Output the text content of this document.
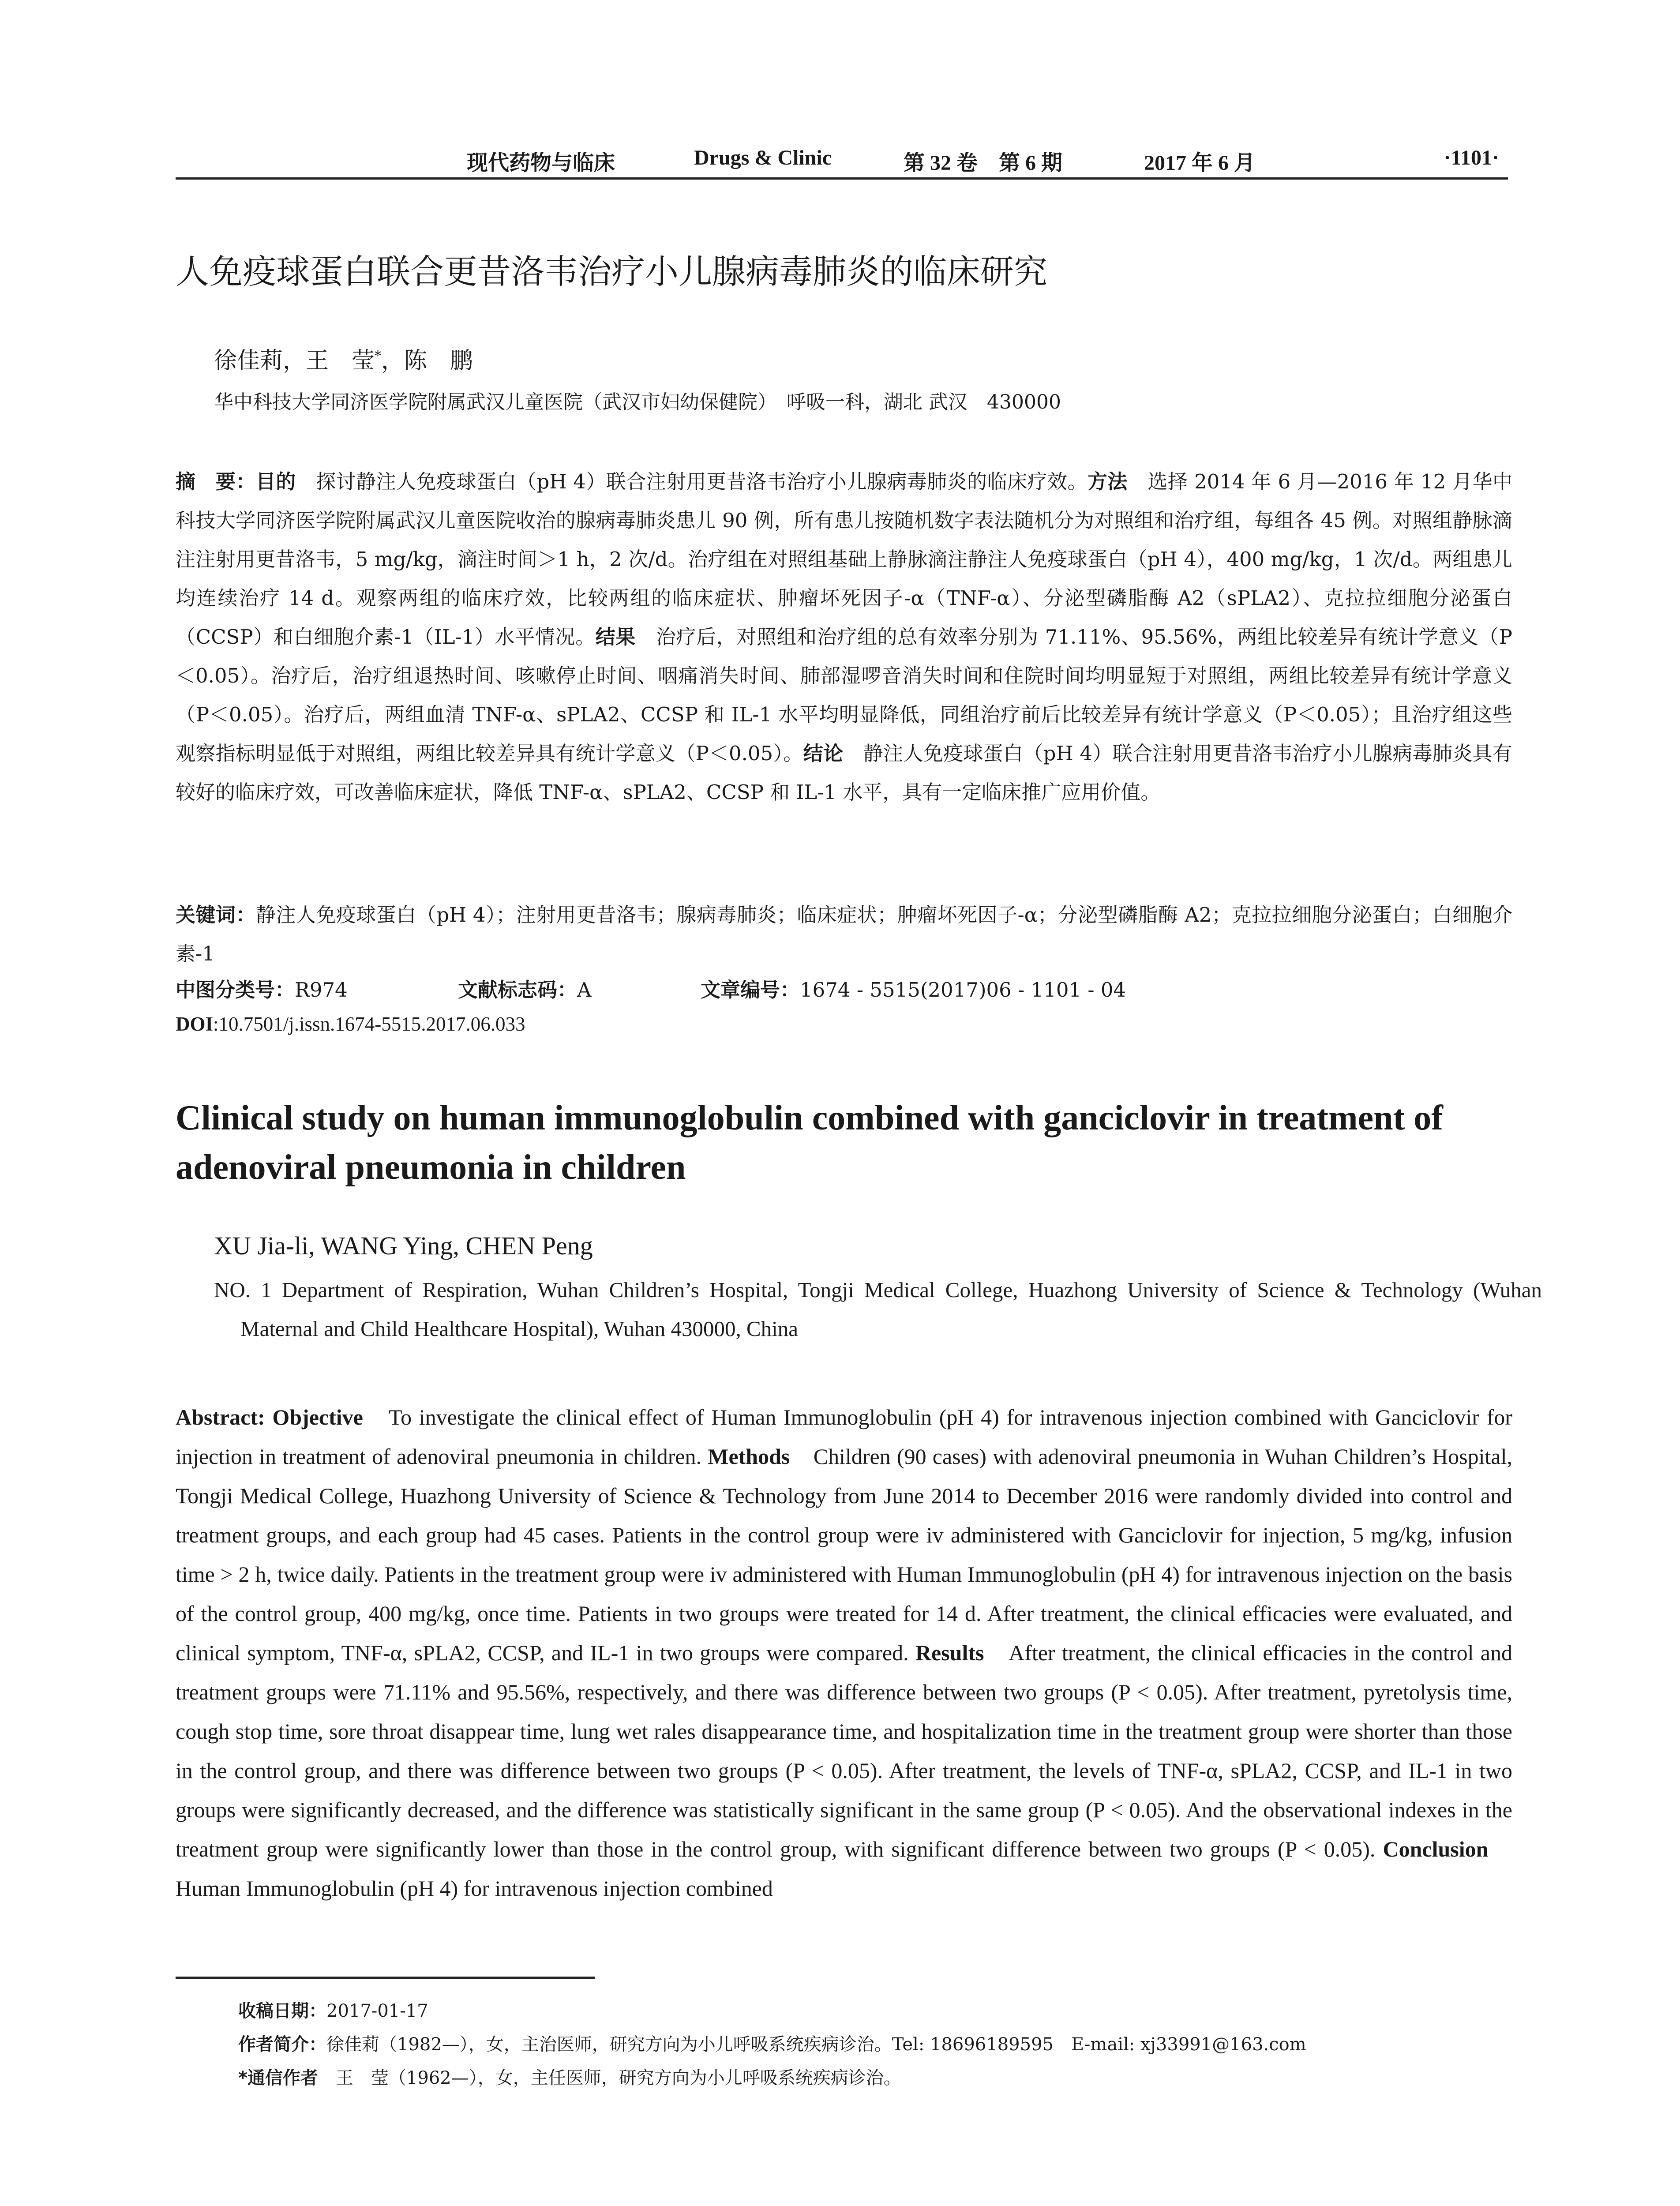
现代药物与临床	Drugs & Clinic	第 32 卷　第 6 期	2017 年 6 月	·1101·
人免疫球蛋白联合更昔洛韦治疗小儿腺病毒肺炎的临床研究
徐佳莉，王　莹*，陈　鹏
华中科技大学同济医学院附属武汉儿童医院（武汉市妇幼保健院）　呼吸一科，湖北 武汉　430000

摘　要：目的　探讨静注人免疫球蛋白（pH 4）联合注射用更昔洛韦治疗小儿腺病毒肺炎的临床疗效。方法　选择 2014 年 6 月—2016 年 12 月华中科技大学同济医学院附属武汉儿童医院收治的腺病毒肺炎患儿 90 例，所有患儿按随机数字表法随机分为对照组和治疗组，每组各 45 例。对照组静脉滴注注射用更昔洛韦，5 mg/kg，滴注时间＞1 h，2 次/d。治疗组在对照组基础上静脉滴注静注人免疫球蛋白（pH 4），400 mg/kg，1 次/d。两组患儿均连续治疗 14 d。观察两组的临床疗效，比较两组的临床症状、肿瘤坏死因子-α（TNF-α）、分泌型磷脂酶 A2（sPLA2）、克拉拉细胞分泌蛋白（CCSP）和白细胞介素-1（IL-1）水平情况。结果　治疗后，对照组和治疗组的总有效率分别为 71.11%、95.56%，两组比较差异有统计学意义（P＜0.05）。治疗后，治疗组退热时间、咳嗽停止时间、咽痛消失时间、肺部湿啰音消失时间和住院时间均明显短于对照组，两组比较差异有统计学意义（P＜0.05）。治疗后，两组血清 TNF-α、sPLA2、CCSP 和 IL-1 水平均明显降低，同组治疗前后比较差异有统计学意义（P＜0.05）；且治疗组这些观察指标明显低于对照组，两组比较差异具有统计学意义（P＜0.05）。结论　静注人免疫球蛋白（pH 4）联合注射用更昔洛韦治疗小儿腺病毒肺炎具有较好的临床疗效，可改善临床症状，降低 TNF-α、sPLA2、CCSP 和 IL-1 水平，具有一定临床推广应用价值。

关键词：静注人免疫球蛋白（pH 4）；注射用更昔洛韦；腺病毒肺炎；临床症状；肿瘤坏死因子-α；分泌型磷脂酶 A2；克拉拉细胞分泌蛋白；白细胞介素-1

中图分类号：R974	文献标志码：A	文章编号：1674 - 5515(2017)06 - 1101 - 04
DOI:10.7501/j.issn.1674-5515.2017.06.033
Clinical study on human immunoglobulin combined with ganciclovir in treatment of adenoviral pneumonia in children
XU Jia-li, WANG Ying, CHEN Peng
NO. 1 Department of Respiration, Wuhan Children’s Hospital, Tongji Medical College, Huazhong University of Science & Technology (Wuhan Maternal and Child Healthcare Hospital), Wuhan 430000, China

Abstract: Objective　To investigate the clinical effect of Human Immunoglobulin (pH 4) for intravenous injection combined with Ganciclovir for injection in treatment of adenoviral pneumonia in children. Methods　Children (90 cases) with adenoviral pneumonia in Wuhan Children’s Hospital, Tongji Medical College, Huazhong University of Science & Technology from June 2014 to December 2016 were randomly divided into control and treatment groups, and each group had 45 cases. Patients in the control group were iv administered with Ganciclovir for injection, 5 mg/kg, infusion time > 2 h, twice daily. Patients in the treatment group were iv administered with Human Immunoglobulin (pH 4) for intravenous injection on the basis of the control group, 400 mg/kg, once time. Patients in two groups were treated for 14 d. After treatment, the clinical efficacies were evaluated, and clinical symptom, TNF-α, sPLA2, CCSP, and IL-1 in two groups were compared. Results　After treatment, the clinical efficacies in the control and treatment groups were 71.11% and 95.56%, respectively, and there was difference between two groups (P < 0.05). After treatment, pyretolysis time, cough stop time, sore throat disappear time, lung wet rales disappearance time, and hospitalization time in the treatment group were shorter than those in the control group, and there was difference between two groups (P < 0.05). After treatment, the levels of TNF-α, sPLA2, CCSP, and IL-1 in two groups were significantly decreased, and the difference was statistically significant in the same group (P < 0.05). And the observational indexes in the treatment group were significantly lower than those in the control group, with significant difference between two groups (P < 0.05). Conclusion　Human Immunoglobulin (pH 4) for intravenous injection combined

收稿日期：2017-01-17
作者简介：徐佳莉（1982—），女，主治医师，研究方向为小儿呼吸系统疾病诊治。Tel: 18696189595　E-mail: xj33991@163.com
*通信作者　王　莹（1962—），女，主任医师，研究方向为小儿呼吸系统疾病诊治。
